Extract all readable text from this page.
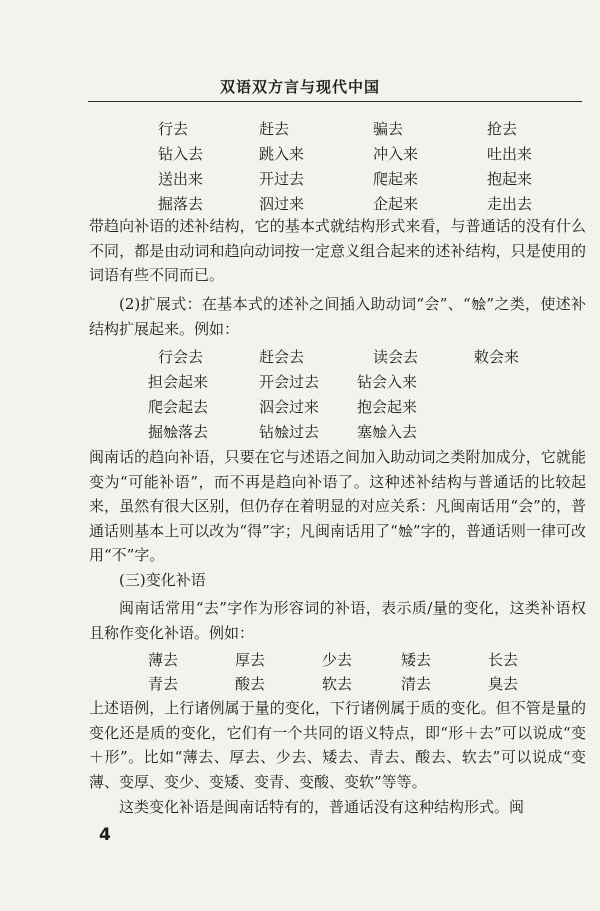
双语双方言与现代中国
行去	赶去	骗去	抢去
钻入去	跳入来	冲入来	吐出来
送出来	开过去	爬起来	抱起来
掘落去	泅过来	企起来	走出去

带趋向补语的述补结构，它的基本式就结构形式来看，与普通话的没有什么不同，都是由动词和趋向动词按一定意义组合起来的述补结构，只是使用的词语有些不同而已。

(2)扩展式：在基本式的述补之间插入助动词“会”、“𫧃”之类，使述补结构扩展起来。例如：

行会去	赶会去	读会去	敕会来
担会起来	开会过去	钻会入来
爬会起去	泅会过来	抱会起来
掘𫧃落去	钻𫧃过去	塞𫧃入去

闽南话的趋向补语，只要在它与述语之间加入助动词之类附加成分，它就能变为“可能补语”，而不再是趋向补语了。这种述补结构与普通话的比较起来，虽然有很大区别，但仍存在着明显的对应关系：凡闽南话用“会”的，普通话则基本上可以改为“得”字；凡闽南话用了“𫧃”字的，普通话则一律可改用“不”字。

(三)变化补语

闽南话常用“去”字作为形容词的补语，表示质/量的变化，这类补语权且称作变化补语。例如：

薄去	厚去	少去	矮去	长去
青去	酸去	软去	清去	臭去

上述语例，上行诸例属于量的变化，下行诸例属于质的变化。但不管是量的变化还是质的变化，它们有一个共同的语义特点，即“形＋去”可以说成“变＋形”。比如“薄去、厚去、少去、矮去、青去、酸去、软去”可以说成“变薄、变厚、变少、变矮、变青、变酸、变软”等等。

这类变化补语是闽南话特有的，普通话没有这种结构形式。闽

4
